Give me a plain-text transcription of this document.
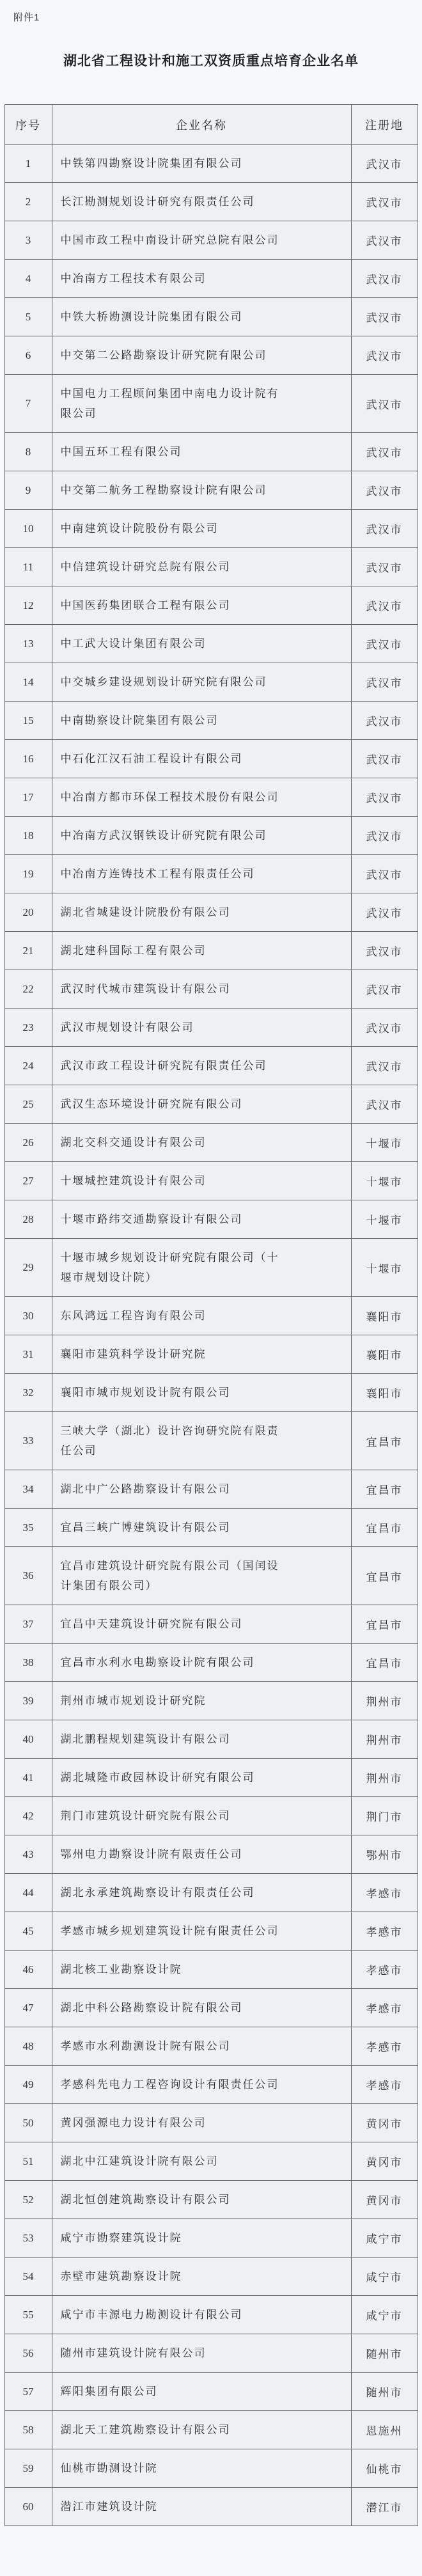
附件1
湖北省工程设计和施工双资质重点培育企业名单
序号	企业名称	注册地
1	中铁第四勘察设计院集团有限公司	武汉市
2	长江勘测规划设计研究有限责任公司	武汉市
3	中国市政工程中南设计研究总院有限公司	武汉市
4	中冶南方工程技术有限公司	武汉市
5	中铁大桥勘测设计院集团有限公司	武汉市
6	中交第二公路勘察设计研究院有限公司	武汉市
7	中国电力工程顾问集团中南电力设计院有限公司	武汉市
8	中国五环工程有限公司	武汉市
9	中交第二航务工程勘察设计院有限公司	武汉市
10	中南建筑设计院股份有限公司	武汉市
11	中信建筑设计研究总院有限公司	武汉市
12	中国医药集团联合工程有限公司	武汉市
13	中工武大设计集团有限公司	武汉市
14	中交城乡建设规划设计研究院有限公司	武汉市
15	中南勘察设计院集团有限公司	武汉市
16	中石化江汉石油工程设计有限公司	武汉市
17	中冶南方都市环保工程技术股份有限公司	武汉市
18	中冶南方武汉钢铁设计研究院有限公司	武汉市
19	中冶南方连铸技术工程有限责任公司	武汉市
20	湖北省城建设计院股份有限公司	武汉市
21	湖北建科国际工程有限公司	武汉市
22	武汉时代城市建筑设计有限公司	武汉市
23	武汉市规划设计有限公司	武汉市
24	武汉市政工程设计研究院有限责任公司	武汉市
25	武汉生态环境设计研究院有限公司	武汉市
26	湖北交科交通设计有限公司	十堰市
27	十堰城控建筑设计有限公司	十堰市
28	十堰市路纬交通勘察设计有限公司	十堰市
29	十堰市城乡规划设计研究院有限公司（十堰市规划设计院）	十堰市
30	东风鸿远工程咨询有限公司	襄阳市
31	襄阳市建筑科学设计研究院	襄阳市
32	襄阳市城市规划设计院有限公司	襄阳市
33	三峡大学（湖北）设计咨询研究院有限责任公司	宜昌市
34	湖北中广公路勘察设计有限公司	宜昌市
35	宜昌三峡广博建筑设计有限公司	宜昌市
36	宜昌市建筑设计研究院有限公司（国闰设计集团有限公司）	宜昌市
37	宜昌中天建筑设计研究院有限公司	宜昌市
38	宜昌市水利水电勘察设计院有限公司	宜昌市
39	荆州市城市规划设计研究院	荆州市
40	湖北鹏程规划建筑设计有限公司	荆州市
41	湖北城隆市政园林设计研究有限公司	荆州市
42	荆门市建筑设计研究院有限公司	荆门市
43	鄂州电力勘察设计院有限责任公司	鄂州市
44	湖北永承建筑勘察设计有限责任公司	孝感市
45	孝感市城乡规划建筑设计院有限责任公司	孝感市
46	湖北核工业勘察设计院	孝感市
47	湖北中科公路勘察设计院有限公司	孝感市
48	孝感市水利勘测设计院有限公司	孝感市
49	孝感科先电力工程咨询设计有限责任公司	孝感市
50	黄冈强源电力设计有限公司	黄冈市
51	湖北中江建筑设计院有限公司	黄冈市
52	湖北恒创建筑勘察设计有限公司	黄冈市
53	咸宁市勘察建筑设计院	咸宁市
54	赤壁市建筑勘察设计院	咸宁市
55	咸宁市丰源电力勘测设计有限公司	咸宁市
56	随州市建筑设计院有限公司	随州市
57	辉阳集团有限公司	随州市
58	湖北天工建筑勘察设计有限公司	恩施州
59	仙桃市勘测设计院	仙桃市
60	潜江市建筑设计院	潜江市
